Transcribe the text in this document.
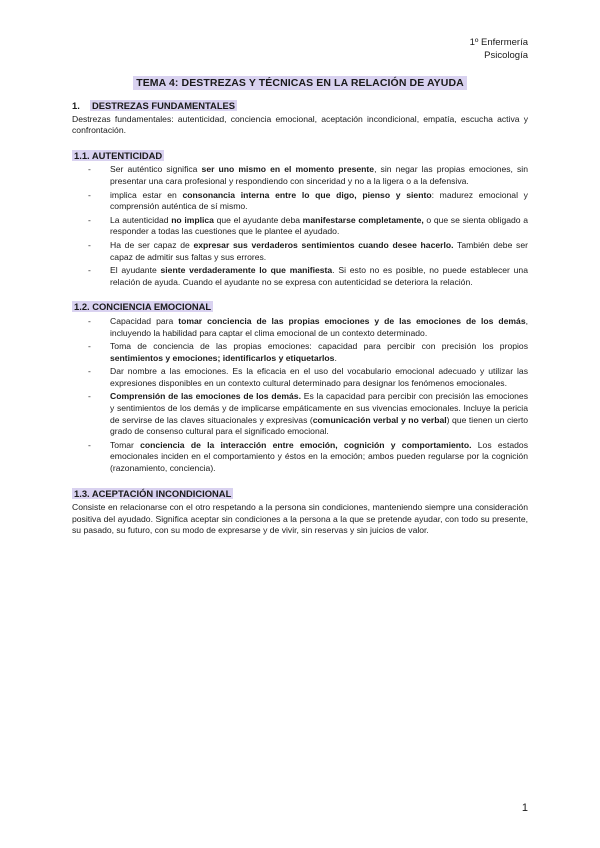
1º Enfermería
Psicología
TEMA 4: DESTREZAS Y TÉCNICAS EN LA RELACIÓN DE AYUDA
1. DESTREZAS FUNDAMENTALES

Destrezas fundamentales: autenticidad, conciencia emocional, aceptación incondicional, empatía, escucha activa y confrontación.

1.1. AUTENTICIDAD
- Ser auténtico significa ser uno mismo en el momento presente, sin negar las propias emociones, sin presentar una cara profesional y respondiendo con sinceridad y no a la ligera o a la defensiva.
- implica estar en consonancia interna entre lo que digo, pienso y siento: madurez emocional y comprensión auténtica de sí mismo.
- La autenticidad no implica que el ayudante deba manifestarse completamente, o que se sienta obligado a responder a todas las cuestiones que le plantee el ayudado.
- Ha de ser capaz de expresar sus verdaderos sentimientos cuando desee hacerlo. También debe ser capaz de admitir sus faltas y sus errores.
- El ayudante siente verdaderamente lo que manifiesta. Si esto no es posible, no puede establecer una relación de ayuda. Cuando el ayudante no se expresa con autenticidad se deteriora la relación.
1.2. CONCIENCIA EMOCIONAL
- Capacidad para tomar conciencia de las propias emociones y de las emociones de los demás, incluyendo la habilidad para captar el clima emocional de un contexto determinado.
- Toma de conciencia de las propias emociones: capacidad para percibir con precisión los propios sentimientos y emociones; identificarlos y etiquetarlos.
- Dar nombre a las emociones. Es la eficacia en el uso del vocabulario emocional adecuado y utilizar las expresiones disponibles en un contexto cultural determinado para designar los fenómenos emocionales.
- Comprensión de las emociones de los demás. Es la capacidad para percibir con precisión las emociones y sentimientos de los demás y de implicarse empáticamente en sus vivencias emocionales. Incluye la pericia de servirse de las claves situacionales y expresivas (comunicación verbal y no verbal) que tienen un cierto grado de consenso cultural para el significado emocional.
- Tomar conciencia de la interacción entre emoción, cognición y comportamiento. Los estados emocionales inciden en el comportamiento y éstos en la emoción; ambos pueden regularse por la cognición (razonamiento, conciencia).
1.3. ACEPTACIÓN INCONDICIONAL

Consiste en relacionarse con el otro respetando a la persona sin condiciones, manteniendo siempre una consideración positiva del ayudado. Significa aceptar sin condiciones a la persona a la que se pretende ayudar, con todo su presente, su pasado, su futuro, con su modo de expresarse y de vivir, sin reservas y sin juicios de valor.

1
